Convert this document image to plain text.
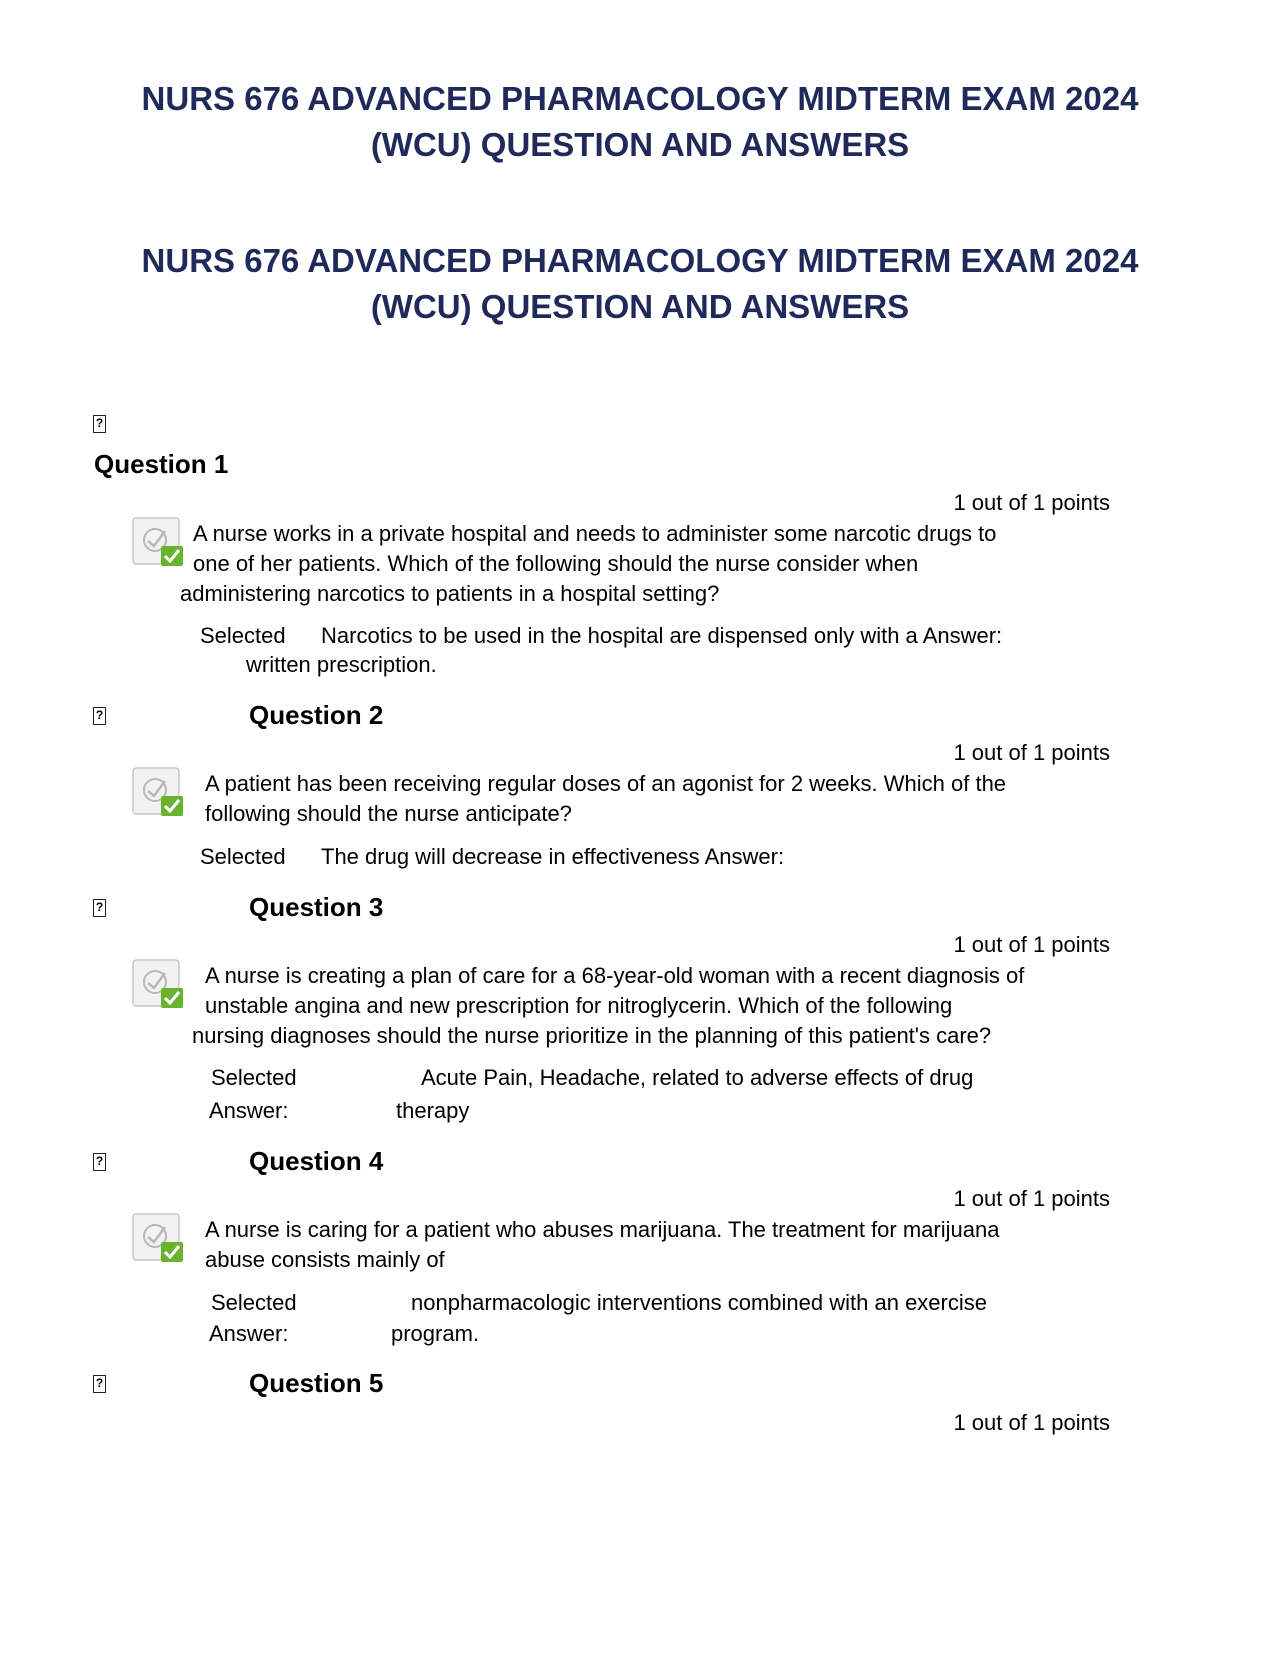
NURS 676 ADVANCED PHARMACOLOGY MIDTERM EXAM 2024
(WCU) QUESTION AND ANSWERS
NURS 676 ADVANCED PHARMACOLOGY MIDTERM EXAM 2024
(WCU) QUESTION AND ANSWERS
?
Question 1
1 out of 1 points
A nurse works in a private hospital and needs to administer some narcotic drugs to
one of her patients. Which of the following should the nurse consider when
administering narcotics to patients in a hospital setting?
Selected Narcotics to be used in the hospital are dispensed only with a Answer:
written prescription.
?	Question 2
1 out of 1 points
A patient has been receiving regular doses of an agonist for 2 weeks. Which of the
following should the nurse anticipate?
Selected The drug will decrease in effectiveness Answer:
?	Question 3
1 out of 1 points
A nurse is creating a plan of care for a 68-year-old woman with a recent diagnosis of
unstable angina and new prescription for nitroglycerin. Which of the following
nursing diagnoses should the nurse prioritize in the planning of this patient's care?
Selected
Answer:
Acute Pain, Headache, related to adverse effects of drug
therapy
?	Question 4
1 out of 1 points
A nurse is caring for a patient who abuses marijuana. The treatment for marijuana
abuse consists mainly of
Selected
Answer:
nonpharmacologic interventions combined with an exercise
program.
?	Question 5
1 out of 1 points
